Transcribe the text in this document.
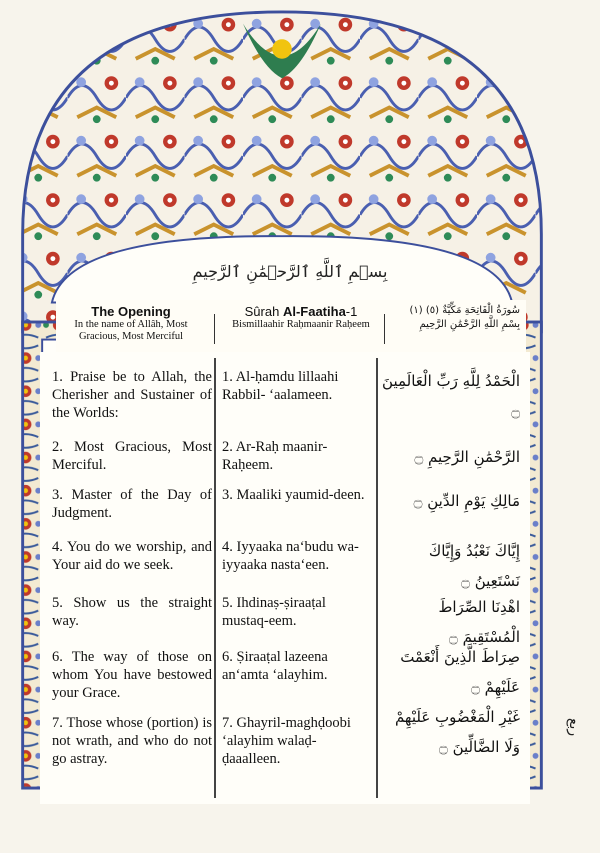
بِسۡمِ ٱللَّهِ ٱلرَّحۡمَٰنِ ٱلرَّحِيمِ
The Opening
In the name of Allâh, Most Gracious, Most Merciful
Sûrah Al-Faatiha-1
Bismillaahir Raḥmaanir Raḥeem
(١) سُورَةُ الْفَاتِحَةِ مَكِّيَّةٌ (٥)
بِسْمِ اللَّهِ الرَّحْمَٰنِ الرَّحِيمِ
1. Praise be to Allah, the Cherisher and Sustainer of the Worlds:
2. Most Gracious, Most Merciful.
3. Master of the Day of Judgment.
4. You do we worship, and Your aid do we seek.
5. Show us the straight way.
6. The way of those on whom You have bestowed your Grace.
7. Those whose (portion) is not wrath, and who do not go astray.
1. Al-ḥamdu lillaahi Rabbil- ‘aalameen.
2. Ar-Raḥ maanir-Raḥeem.
3. Maaliki yaumid-deen.
4. Iyyaaka na‘budu wa-iyyaaka nasta‘een.
5. Ihdinaṣ-ṣiraaṭal mustaq-eem.
6. Ṣiraaṭal lazeena an‘amta ‘alayhim.
7. Ghayril-maghḍoobi ‘alayhim walaḍ-ḍaaalleen.
الْحَمْدُ لِلَّهِ رَبِّ الْعَالَمِينَ ۝
الرَّحْمَٰنِ الرَّحِيمِ ۝
مَالِكِ يَوْمِ الدِّينِ ۝
إِيَّاكَ نَعْبُدُ وَإِيَّاكَ نَسْتَعِينُ ۝
اهْدِنَا الصِّرَاطَ الْمُسْتَقِيمَ ۝
صِرَاطَ الَّذِينَ أَنْعَمْتَ عَلَيْهِمْ ۝
غَيْرِ الْمَغْضُوبِ عَلَيْهِمْ وَلَا الضَّالِّينَ ۝
ربع
